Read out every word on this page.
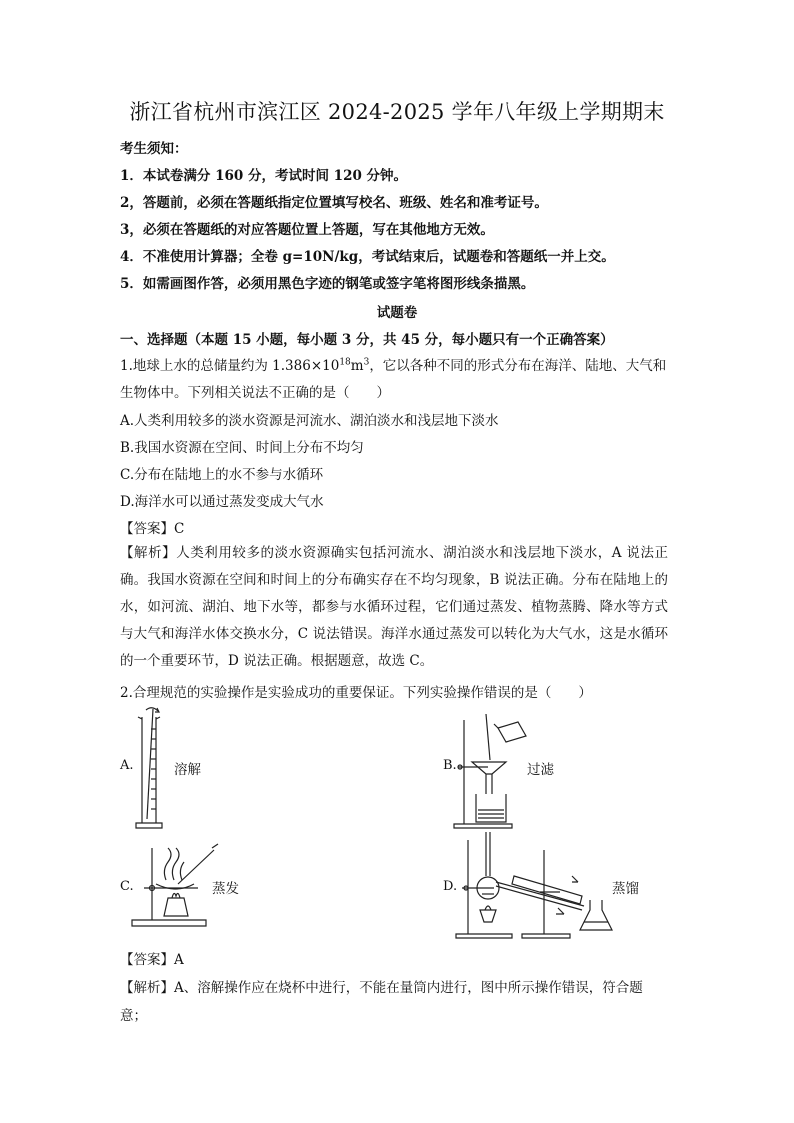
浙江省杭州市滨江区 2024-2025 学年八年级上学期期末
考生须知：
1．本试卷满分 160 分，考试时间 120 分钟。
2，答题前，必须在答题纸指定位置填写校名、班级、姓名和准考证号。
3，必须在答题纸的对应答题位置上答题，写在其他地方无效。
4．不准使用计算器；全卷 g=10N/kg，考试结束后，试题卷和答题纸一并上交。
5．如需画图作答，必须用黑色字迹的钢笔或签字笔将图形线条描黑。
试题卷
一、选择题（本题 15 小题，每小题 3 分，共 45 分，每小题只有一个正确答案）
1.地球上水的总储量约为 $1.386\times 10^{18}m^3$，它以各种不同的形式分布在海洋、陆地、大气和
生物体中。下列相关说法不正确的是（　　）
A.人类利用较多的淡水资源是河流水、湖泊淡水和浅层地下淡水
B.我国水资源在空间、时间上分布不均匀
C.分布在陆地上的水不参与水循环
D.海洋水可以通过蒸发变成大气水
【答案】C
【解析】人类利用较多的淡水资源确实包括河流水、湖泊淡水和浅层地下淡水，A 说法正确。我国水资源在空间和时间上的分布确实存在不均匀现象，B 说法正确。分布在陆地上的水，如河流、湖泊、地下水等，都参与水循环过程，它们通过蒸发、植物蒸腾、降水等方式与大气和海洋水体交换水分，C 说法错误。海洋水通过蒸发可以转化为大气水，这是水循环的一个重要环节，D 说法正确。根据题意，故选 C。
2.合理规范的实验操作是实验成功的重要保证。下列实验操作错误的是（　　）
A.	溶解	B.	过滤
C.	蒸发	D.	蒸馏
【答案】A
【解析】A、溶解操作应在烧杯中进行，不能在量筒内进行，图中所示操作错误，符合题
意；
